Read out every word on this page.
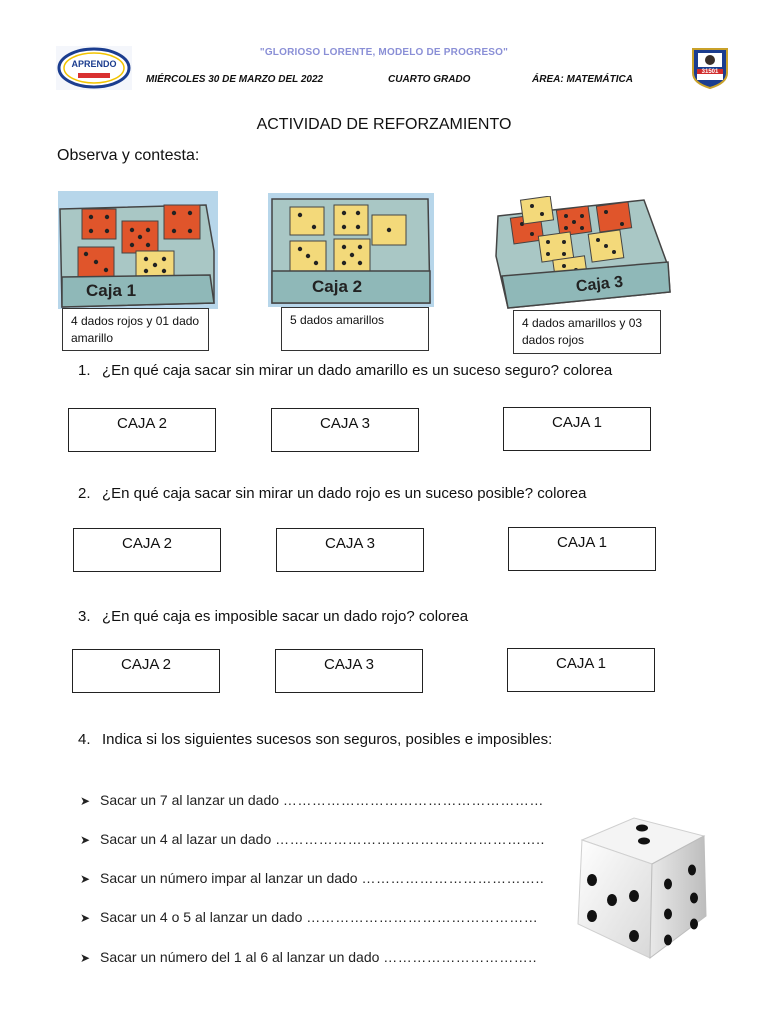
APRENDO
"GLORIOSO LORENTE, MODELO DE PROGRESO"
MIÉRCOLES 30 DE MARZO DEL 2022	CUARTO GRADO	ÁREA: MATEMÁTICA
31501
ACTIVIDAD DE REFORZAMIENTO
Observa y contesta:
Caja 1	Caja 2	Caja 3
4 dados rojos y 01 dado amarillo
5 dados amarillos	4 dados amarillos y 03 dados rojos
1. ¿En qué caja sacar sin mirar un dado amarillo es un suceso seguro? colorea
CAJA 2	CAJA 3	CAJA 1
2. ¿En qué caja sacar sin mirar un dado rojo es un suceso posible? colorea
CAJA 2	CAJA 3	CAJA 1
3. ¿En qué caja es imposible sacar un dado rojo? colorea
CAJA 2	CAJA 3	CAJA 1
4. Indica si los siguientes sucesos son seguros, posibles e imposibles:
➤ Sacar un 7 al lanzar un dado ………………………………………………
➤ Sacar un 4 al lazar un dado ………………………………………………..
➤ Sacar un número impar al lanzar un dado ………………………………..
➤ Sacar un 4 o 5 al lanzar un dado …………………………………………
➤ Sacar un número del 1 al 6 al lanzar un dado …………………………..
